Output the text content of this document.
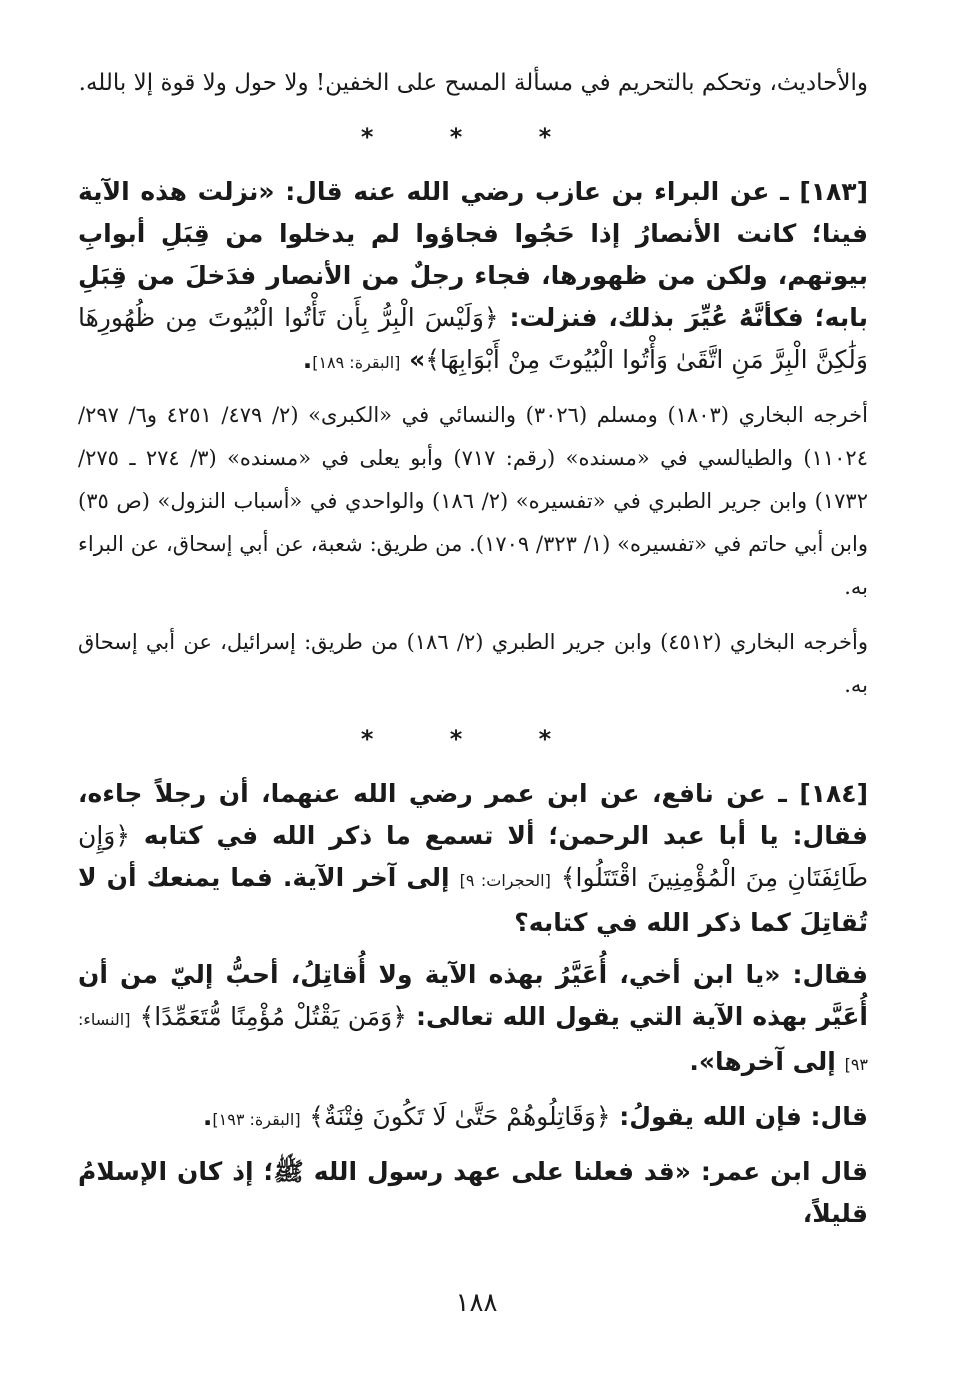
والأحاديث، وتحكم بالتحريم في مسألة المسح على الخفين! ولا حول ولا قوة إلا بالله.

* * *

[١٨٣] ـ عن البراء بن عازب رضي الله عنه قال: «نزلت هذه الآية فينا؛ كانت الأنصارُ إذا حَجُوا فجاؤوا لم يدخلوا من قِبَلِ أبوابِ بيوتهم، ولكن من ظهورها، فجاء رجلٌ من الأنصار فدَخلَ من قِبَلِ بابه؛ فكأنَّهُ عُيِّرَ بذلك، فنزلت: ﴿وَلَيْسَ الْبِرُّ بِأَن تَأْتُوا الْبُيُوتَ مِن ظُهُورِهَا وَلَٰكِنَّ الْبِرَّ مَنِ اتَّقَىٰ وَأْتُوا الْبُيُوتَ مِنْ أَبْوَابِهَا﴾» [البقرة: ١٨٩].

أخرجه البخاري (١٨٠٣) ومسلم (٣٠٢٦) والنسائي في «الكبرى» (٢/ ٤٧٩/ ٤٢٥١ و٦/ ٢٩٧/ ١١٠٢٤) والطيالسي في «مسنده» (رقم: ٧١٧) وأبو يعلى في «مسنده» (٣/ ٢٧٤ ـ ٢٧٥/ ١٧٣٢) وابن جرير الطبري في «تفسيره» (٢/ ١٨٦) والواحدي في «أسباب النزول» (ص ٣٥) وابن أبي حاتم في «تفسيره» (١/ ٣٢٣/ ١٧٠٩). من طريق: شعبة، عن أبي إسحاق، عن البراء به.

وأخرجه البخاري (٤٥١٢) وابن جرير الطبري (٢/ ١٨٦) من طريق: إسرائيل، عن أبي إسحاق به.

* * *

[١٨٤] ـ عن نافع، عن ابن عمر رضي الله عنهما، أن رجلاً جاءه، فقال: يا أبا عبد الرحمن؛ ألا تسمع ما ذكر الله في كتابه ﴿وَإِن طَائِفَتَانِ مِنَ الْمُؤْمِنِينَ اقْتَتَلُوا﴾ [الحجرات: ٩] إلى آخر الآية. فما يمنعك أن لا تُقاتِلَ كما ذكر الله في كتابه؟

فقال: «يا ابن أخي، أُعَيَّرُ بهذه الآية ولا أُقاتِلُ، أحبُّ إليّ من أن أُعَيَّر بهذه الآية التي يقول الله تعالى: ﴿وَمَن يَقْتُلْ مُؤْمِنًا مُّتَعَمِّدًا﴾ [النساء: ٩٣] إلى آخرها».

قال: فإن الله يقولُ: ﴿وَقَاتِلُوهُمْ حَتَّىٰ لَا تَكُونَ فِتْنَةٌ﴾ [البقرة: ١٩٣].

قال ابن عمر: «قد فعلنا على عهد رسول الله ﷺ؛ إذ كان الإسلامُ قليلاً،

١٨٨
